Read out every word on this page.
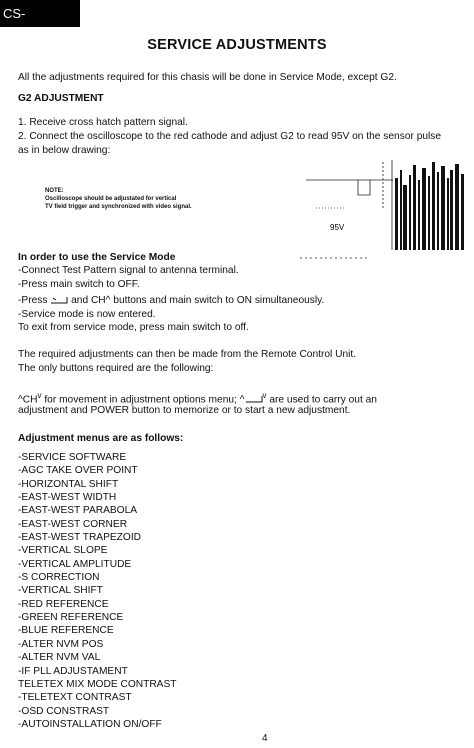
CS-MODELS	SERVICE ADJUSTMENTS
All the adjustments required for this chasis will be done in Service Mode, except G2.
G2 ADJUSTMENT
1. Receive cross hatch pattern signal.
2. Connect the oscilloscope to the red cathode and adjust G2 to read 95V on the sensor pulse
as in below drawing:
NOTE:
Oscilloscope should be adjustated for vertical
TV field trigger and synchronized with video signal.
95V
In order to use the Service Mode
-Connect Test Pattern signal to antenna terminal.
-Press main switch to OFF.
-Press and CH^ buttons and main switch to ON simultaneously.
-Service mode is now entered.
To exit from service mode, press main switch to off.
The required adjustments can then be made from the Remote Control Unit.
The only buttons required are the following:
$\^{}CH^v$ for movement in adjustment options menu; ^ $^v$ are used to carry out an
adjustment and POWER button to memorize or to start a new adjustment.
Adjustment menus are as follows:
-SERVICE SOFTWARE
-AGC TAKE OVER POINT
-HORIZONTAL SHIFT
-EAST-WEST WIDTH
-EAST-WEST PARABOLA
-EAST-WEST CORNER
-EAST-WEST TRAPEZOID
-VERTICAL SLOPE
-VERTICAL AMPLITUDE
-S CORRECTION
-VERTICAL SHIFT
-RED REFERENCE
-GREEN REFERENCE
-BLUE REFERENCE
-ALTER NVM POS
-ALTER NVM VAL
-IF PLL ADJUSTAMENT
TELETEX MIX MODE CONTRAST
-TELETEXT CONTRAST
-OSD CONSTRAST
-AUTOINSTALLATION ON/OFF
4
